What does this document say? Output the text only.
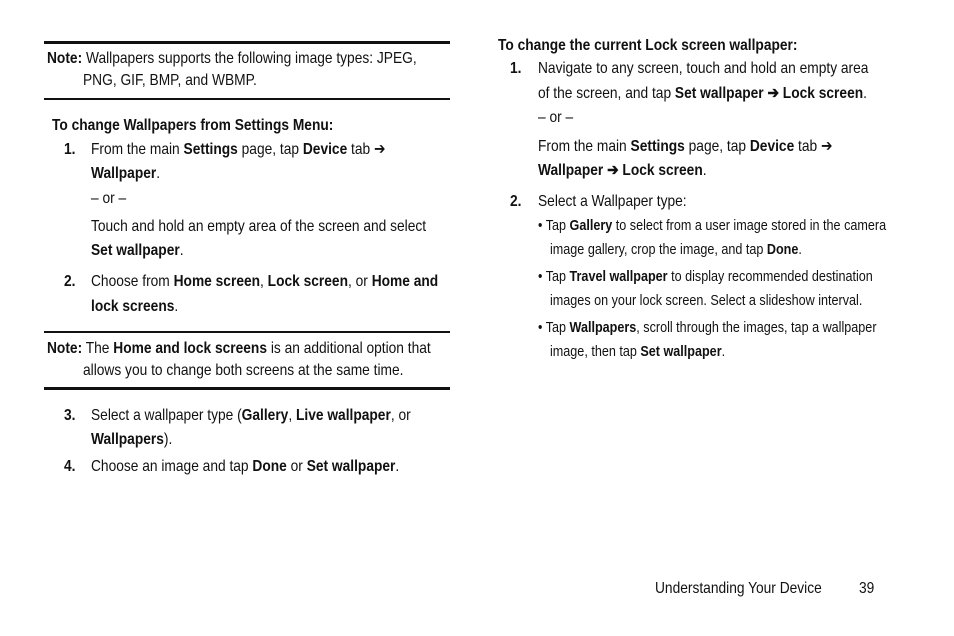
Note: Wallpapers supports the following image types: JPEG,
PNG, GIF, BMP, and WBMP.
To change Wallpapers from Settings Menu:
1. From the main Settings page, tap Device tab ➔
Wallpaper.
– or –
Touch and hold an empty area of the screen and select
Set wallpaper.
2. Choose from Home screen, Lock screen, or Home and
lock screens.
Note: The Home and lock screens is an additional option that
allows you to change both screens at the same time.
3. Select a wallpaper type (Gallery, Live wallpaper, or
Wallpapers).
4. Choose an image and tap Done or Set wallpaper.
To change the current Lock screen wallpaper:
1. Navigate to any screen, touch and hold an empty area
of the screen, and tap Set wallpaper ➔ Lock screen.
– or –
From the main Settings page, tap Device tab ➔
Wallpaper ➔ Lock screen.
2. Select a Wallpaper type:
• Tap Gallery to select from a user image stored in the camera
image gallery, crop the image, and tap Done.
• Tap Travel wallpaper to display recommended destination
images on your lock screen. Select a slideshow interval.
• Tap Wallpapers, scroll through the images, tap a wallpaper
image, then tap Set wallpaper.
Understanding Your Device	39
